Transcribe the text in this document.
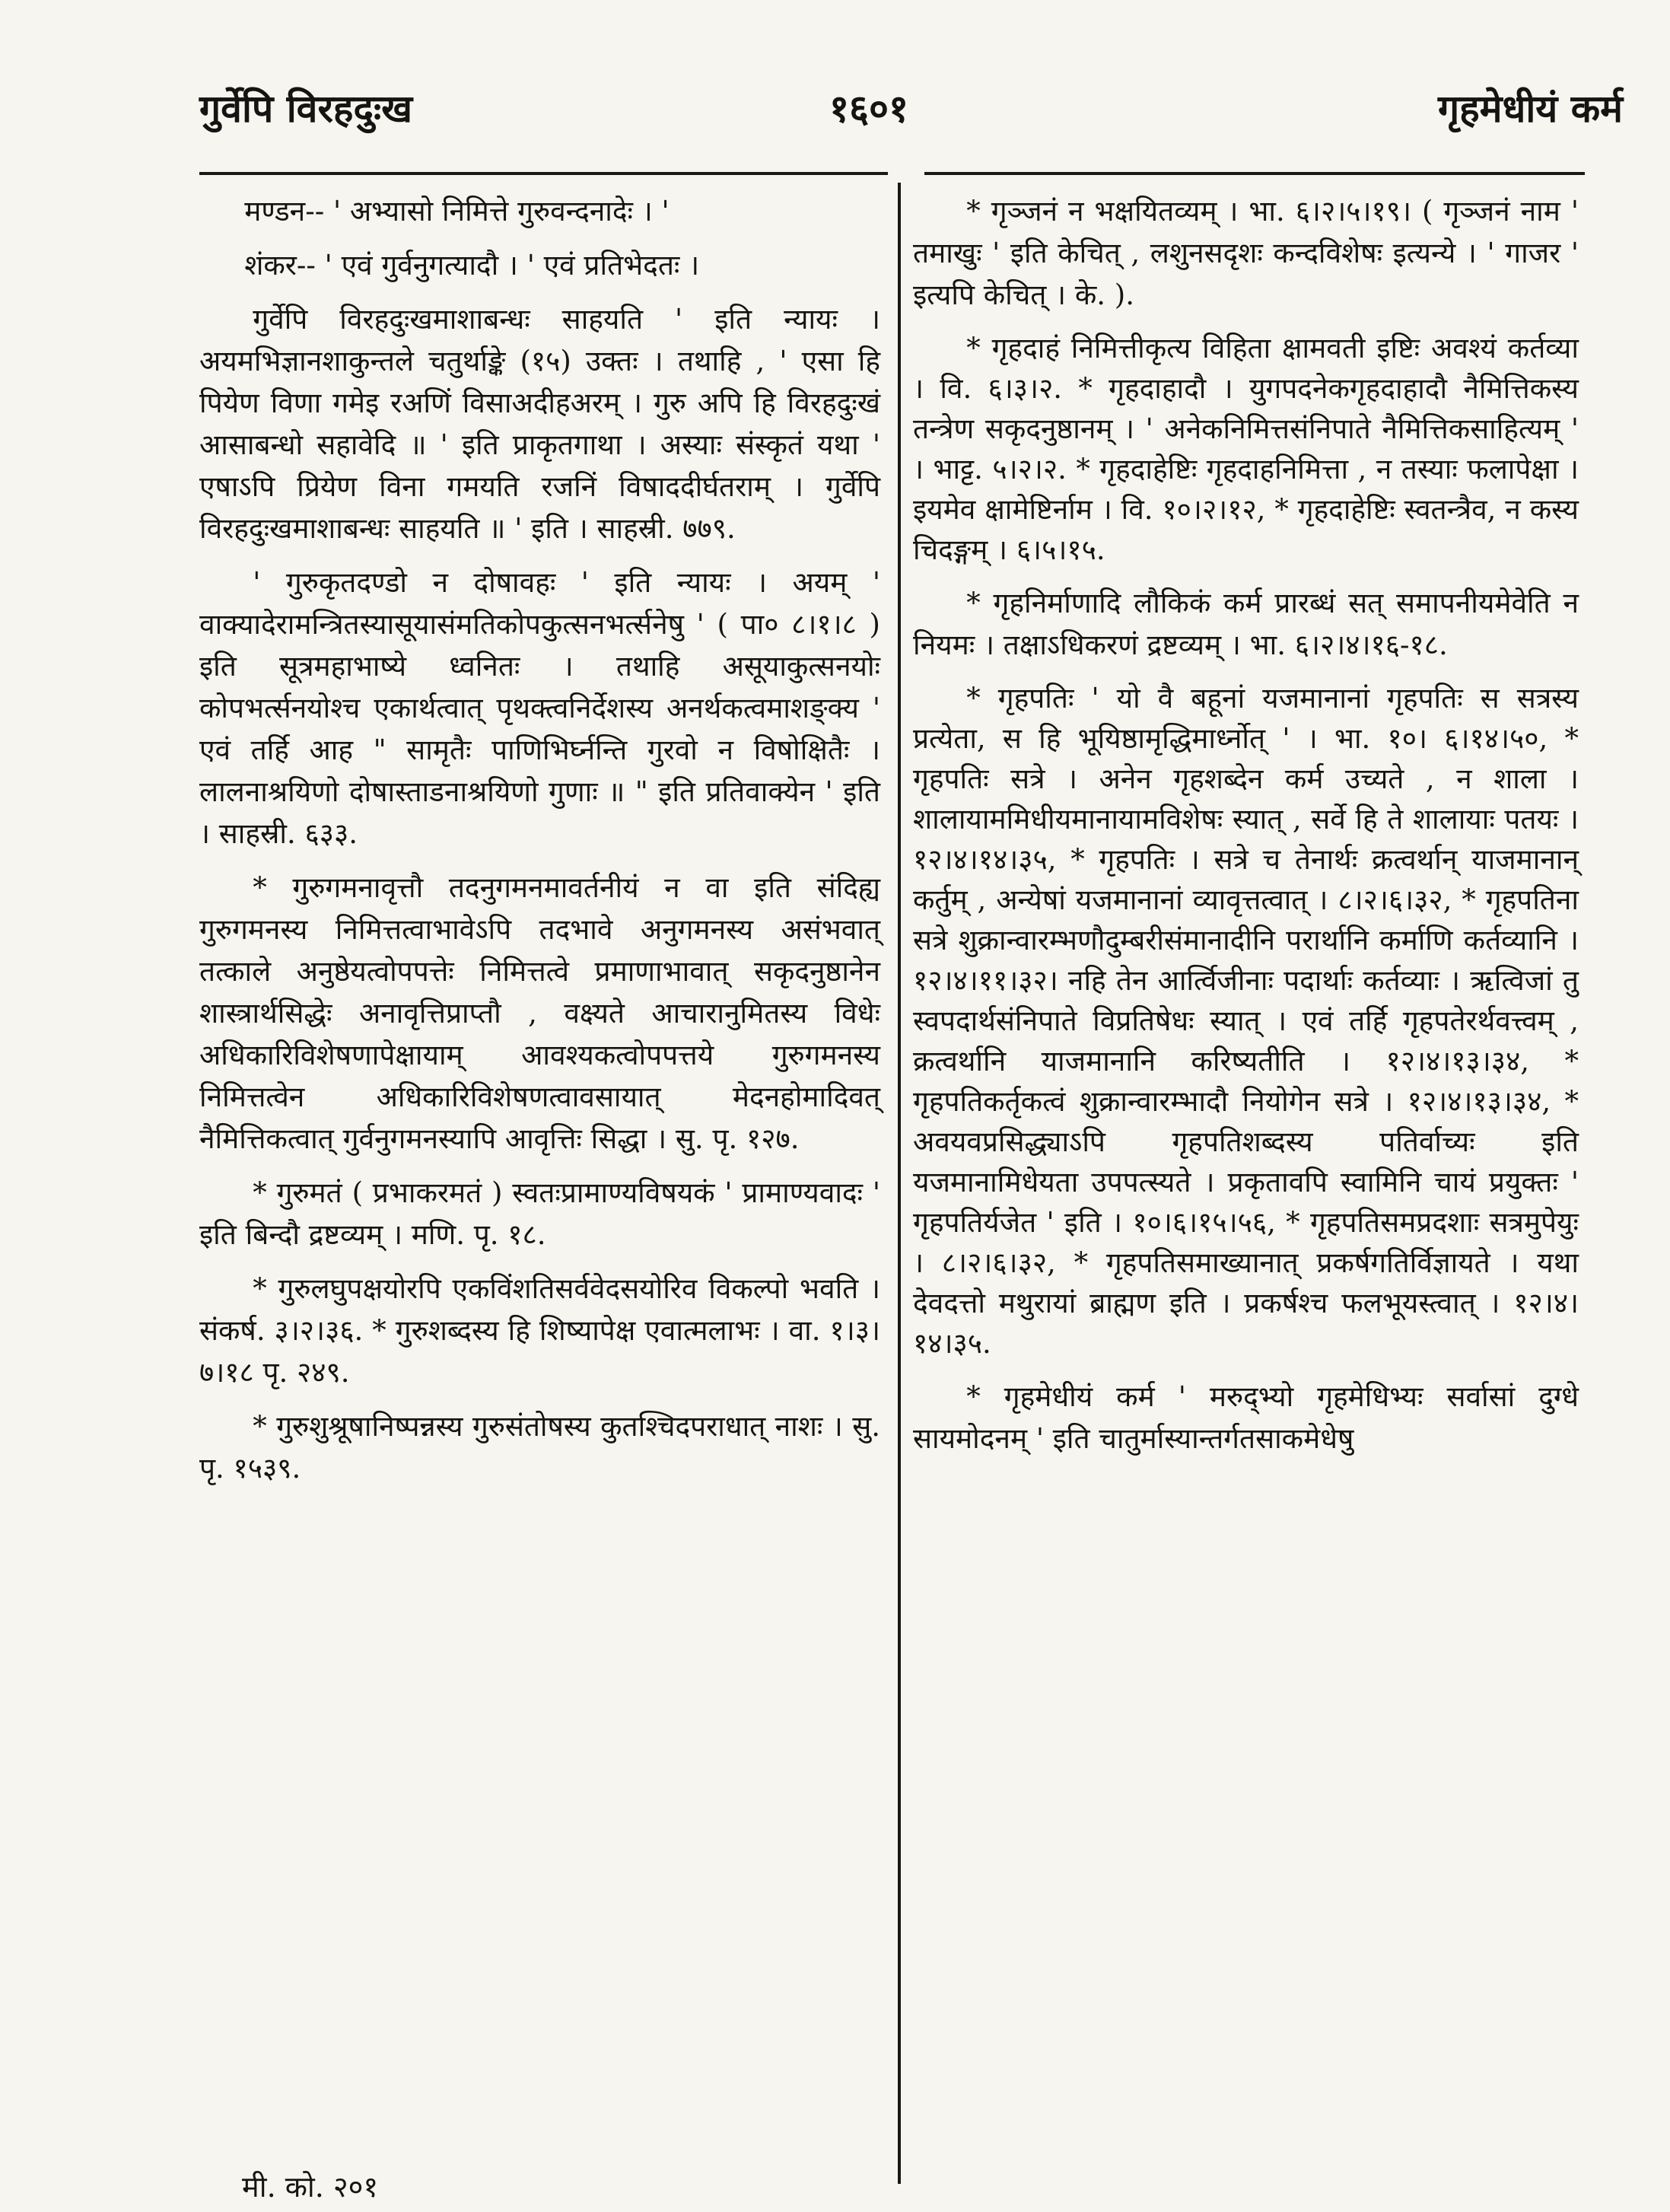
गुर्वेपि विरहदुःख	१६०१	गृहमेधीयं कर्म

मण्डन-- ' अभ्यासो निमित्ते गुरुवन्दनादेः । '

शंकर-- ' एवं गुर्वनुगत्यादौ । ' एवं प्रतिभेदतः ।

गुर्वेपि विरहदुःखमाशाबन्धः साहयति ' इति न्यायः । अयमभिज्ञानशाकुन्तले चतुर्थाङ्के (१५) उक्तः । तथाहि , ' एसा हि पियेण विणा गमेइ रअणिं विसाअदीहअरम् । गुरु अपि हि विरहदुःखं आसाबन्धो सहावेदि ॥ ' इति प्राकृतगाथा । अस्याः संस्कृतं यथा ' एषाऽपि प्रियेण विना गमयति रजनिं विषाददीर्घतराम् । गुर्वेपि विरहदुःखमाशाबन्धः साहयति ॥ ' इति । साहस्री. ७७९.

' गुरुकृतदण्डो न दोषावहः ' इति न्यायः । अयम् ' वाक्यादेरामन्त्रितस्यासूयासंमतिकोपकुत्सनभर्त्सनेषु ' ( पा० ८।१।८ ) इति सूत्रमहाभाष्ये ध्वनितः । तथाहि असूयाकुत्सनयोः कोपभर्त्सनयोश्च एकार्थत्वात् पृथक्त्वनिर्देशस्य अनर्थकत्वमाशङ्क्य ' एवं तर्हि आह " सामृतैः पाणिभिर्घ्नन्ति गुरवो न विषोक्षितैः । लालनाश्रयिणो दोषास्ताडनाश्रयिणो गुणाः ॥ " इति प्रतिवाक्येन ' इति । साहस्री. ६३३.

* गुरुगमनावृत्तौ तदनुगमनमावर्तनीयं न वा इति संदिह्य गुरुगमनस्य निमित्तत्वाभावेऽपि तदभावे अनुगमनस्य असंभवात् तत्काले अनुष्ठेयत्वोपपत्तेः निमित्तत्वे प्रमाणाभावात् सकृदनुष्ठानेन शास्त्रार्थसिद्धेः अनावृत्तिप्राप्तौ , वक्ष्यते आचारानुमितस्य विधेः अधिकारिविशेषणापेक्षायाम् आवश्यकत्वोपपत्तये गुरुगमनस्य निमित्तत्वेन अधिकारिविशेषणत्वावसायात् मेदनहोमादिवत् नैमित्तिकत्वात् गुर्वनुगमनस्यापि आवृत्तिः सिद्धा । सु. पृ. १२७.

* गुरुमतं ( प्रभाकरमतं ) स्वतःप्रामाण्यविषयकं ' प्रामाण्यवादः ' इति बिन्दौ द्रष्टव्यम् । मणि. पृ. १८.

* गुरुलघुपक्षयोरपि एकविंशतिसर्ववेदसयोरिव विकल्पो भवति । संकर्ष. ३।२।३६. * गुरुशब्दस्य हि शिष्यापेक्ष एवात्मलाभः । वा. १।३।७।१८ पृ. २४९.

* गुरुशुश्रूषानिष्पन्नस्य गुरुसंतोषस्य कुतश्चिदपराधात् नाशः । सु. पृ. १५३९.

* गृञ्जनं न भक्षयितव्यम् । भा. ६।२।५।१९। ( गृञ्जनं नाम ' तमाखुः ' इति केचित् , लशुनसदृशः कन्दविशेषः इत्यन्ये । ' गाजर ' इत्यपि केचित् । के. ).

* गृहदाहं निमित्तीकृत्य विहिता क्षामवती इष्टिः अवश्यं कर्तव्या । वि. ६।३।२. * गृहदाहादौ । युगपदनेकगृहदाहादौ नैमित्तिकस्य तन्त्रेण सकृदनुष्ठानम् । ' अनेकनिमित्तसंनिपाते नैमित्तिकसाहित्यम् ' । भाट्ट. ५।२।२. * गृहदाहेष्टिः गृहदाहनिमित्ता , न तस्याः फलापेक्षा । इयमेव क्षामेष्टिर्नाम । वि. १०।२।१२, * गृहदाहेष्टिः स्वतन्त्रैव, न कस्य चिदङ्गम् । ६।५।१५.

* गृहनिर्माणादि लौकिकं कर्म प्रारब्धं सत् समापनीयमेवेति न नियमः । तक्षाऽधिकरणं द्रष्टव्यम् । भा. ६।२।४।१६-१८.

* गृहपतिः ' यो वै बहूनां यजमानानां गृहपतिः स सत्रस्य प्रत्येता, स हि भूयिष्ठामृद्धिमार्ध्नोत् ' । भा. १०। ६।१४।५०, * गृहपतिः सत्रे । अनेन गृहशब्देन कर्म उच्यते , न शाला । शालायाममिधीयमानायामविशेषः स्यात् , सर्वे हि ते शालायाः पतयः । १२।४।१४।३५, * गृहपतिः । सत्रे च तेनार्थः क्रत्वर्थान् याजमानान् कर्तुम् , अन्येषां यजमानानां व्यावृत्तत्वात् । ८।२।६।३२, * गृहपतिना सत्रे शुक्रान्वारम्भणौदुम्बरीसंमानादीनि परार्थानि कर्माणि कर्तव्यानि । १२।४।११।३२। नहि तेन आर्त्विजीनाः पदार्थाः कर्तव्याः । ऋत्विजां तु स्वपदार्थसंनिपाते विप्रतिषेधः स्यात् । एवं तर्हि गृहपतेरर्थवत्त्वम् , क्रत्वर्थानि याजमानानि करिष्यतीति । १२।४।१३।३४, * गृहपतिकर्तृकत्वं शुक्रान्वारम्भादौ नियोगेन सत्रे । १२।४।१३।३४, * अवयवप्रसिद्ध्याऽपि गृहपतिशब्दस्य पतिर्वाच्यः इति यजमानामिधेयता उपपत्स्यते । प्रकृतावपि स्वामिनि चायं प्रयुक्तः ' गृहपतिर्यजेत ' इति । १०।६।१५।५६, * गृहपतिसमप्रदशाः सत्रमुपेयुः । ८।२।६।३२, * गृहपतिसमाख्यानात् प्रकर्षगतिर्विज्ञायते । यथा देवदत्तो मथुरायां ब्राह्मण इति । प्रकर्षश्च फलभूयस्त्वात् । १२।४।१४।३५.

* गृहमेधीयं कर्म ' मरुद्भ्यो गृहमेधिभ्यः सर्वासां दुग्धे सायमोदनम् ' इति चातुर्मास्यान्तर्गतसाकमेधेषु

मी. को. २०१
